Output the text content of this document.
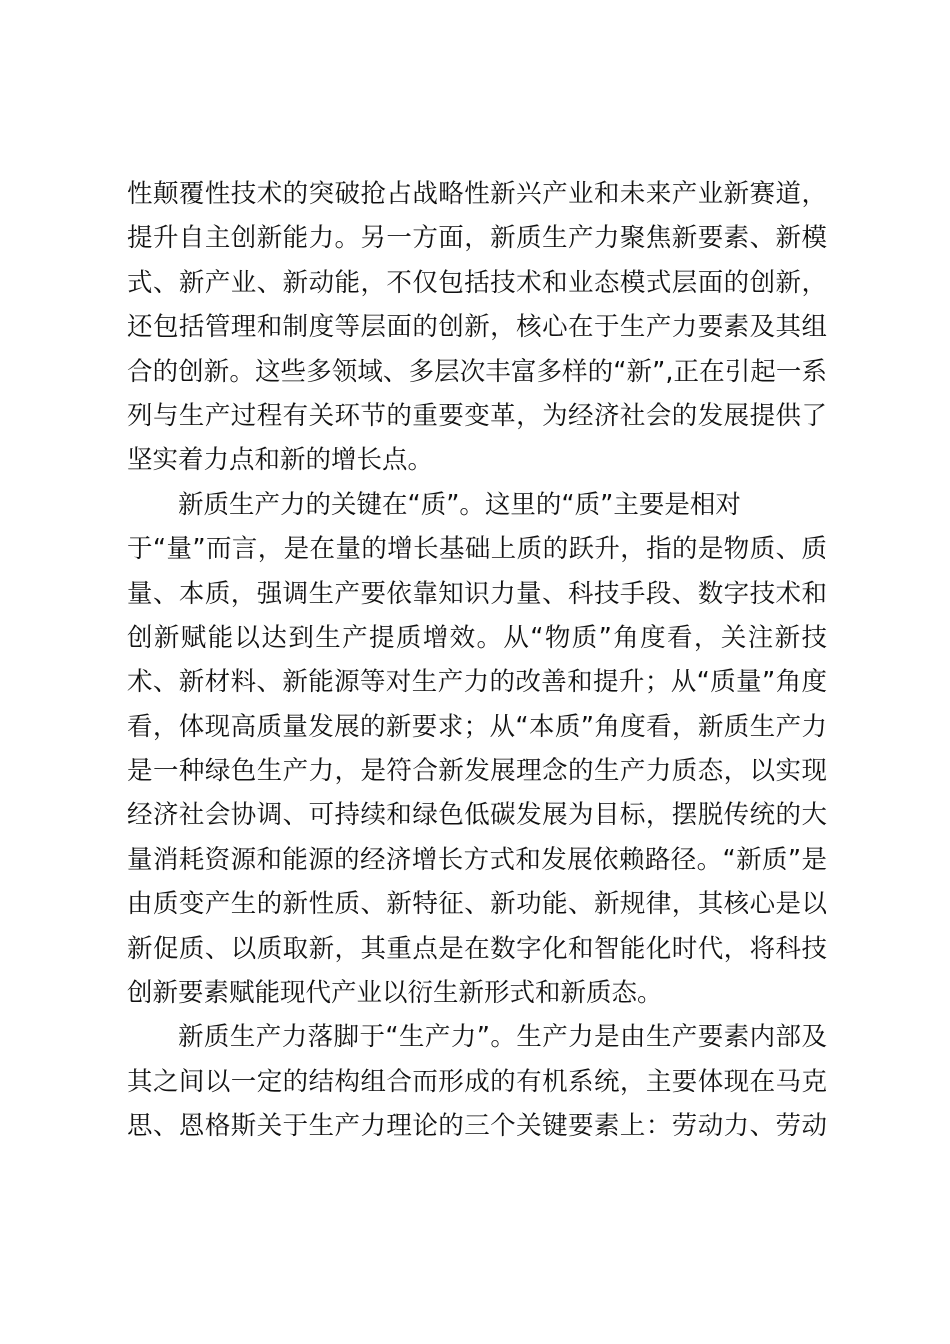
性颠覆性技术的突破抢占战略性新兴产业和未来产业新赛道，
提升自主创新能力。另一方面，新质生产力聚焦新要素、新模
式、新产业、新动能，不仅包括技术和业态模式层面的创新，
还包括管理和制度等层面的创新，核心在于生产力要素及其组
合的创新。这些多领域、多层次丰富多样的“新”,正在引起一系
列与生产过程有关环节的重要变革，为经济社会的发展提供了
坚实着力点和新的增长点。
新质生产力的关键在“质”。这里的“质”主要是相对
于“量”而言，是在量的增长基础上质的跃升，指的是物质、质
量、本质，强调生产要依靠知识力量、科技手段、数字技术和
创新赋能以达到生产提质增效。从“物质”角度看，关注新技
术、新材料、新能源等对生产力的改善和提升；从“质量”角度
看，体现高质量发展的新要求；从“本质”角度看，新质生产力
是一种绿色生产力，是符合新发展理念的生产力质态，以实现
经济社会协调、可持续和绿色低碳发展为目标，摆脱传统的大
量消耗资源和能源的经济增长方式和发展依赖路径。“新质”是
由质变产生的新性质、新特征、新功能、新规律，其核心是以
新促质、以质取新，其重点是在数字化和智能化时代，将科技
创新要素赋能现代产业以衍生新形式和新质态。
新质生产力落脚于“生产力”。生产力是由生产要素内部及
其之间以一定的结构组合而形成的有机系统，主要体现在马克
思、恩格斯关于生产力理论的三个关键要素上：劳动力、劳动
